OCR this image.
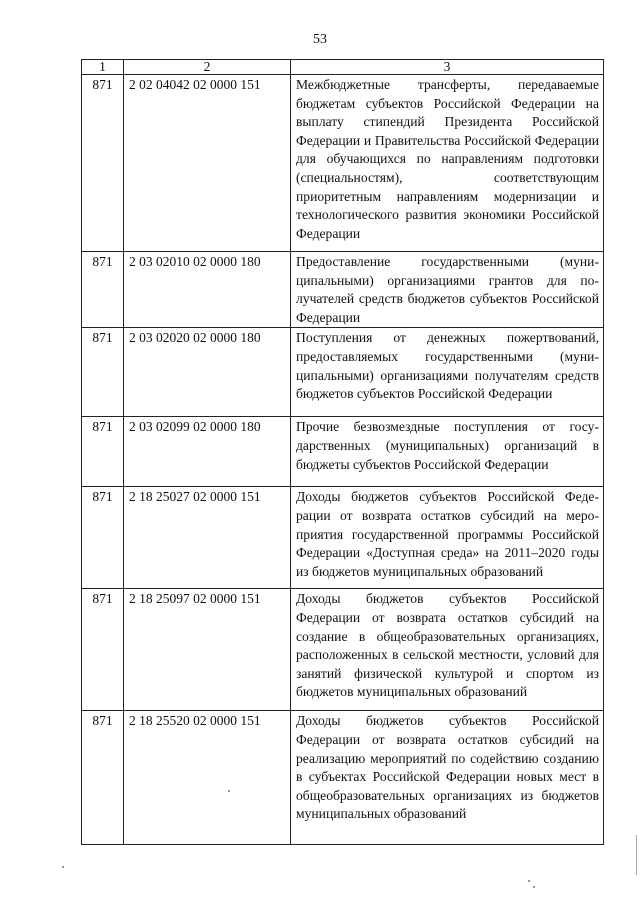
53
1	2	3
871	2 02 04042 02 0000 151	Межбюджетные трансферты, передаваемые бюджетам субъектов Российской Федерации на выплату стипендий Президента Российской Федерации и Правительства Российской Федерации для обучающихся по направлениям подготовки (специальностям), соответствующим приоритетным направлениям модернизации и технологического развития экономики Российской Федерации
871	2 03 02010 02 0000 180	Предоставление государственными (муниципальными) организациями грантов для получателей средств бюджетов субъектов Российской Федерации
871	2 03 02020 02 0000 180	Поступления от денежных пожертвований, предоставляемых государственными (муниципальными) организациями получателям средств бюджетов субъектов Российской Федерации
871	2 03 02099 02 0000 180	Прочие безвозмездные поступления от государственных (муниципальных) организаций в бюджеты субъектов Российской Федерации
871	2 18 25027 02 0000 151	Доходы бюджетов субъектов Российской Федерации от возврата остатков субсидий на мероприятия государственной программы Российской Федерации «Доступная среда» на 2011–2020 годы из бюджетов муниципальных образований
871	2 18 25097 02 0000 151	Доходы бюджетов субъектов Российской Федерации от возврата остатков субсидий на создание в общеобразовательных организациях, расположенных в сельской местности, условий для занятий физической культурой и спортом из бюджетов муниципальных образований
871	2 18 25520 02 0000 151	Доходы бюджетов субъектов Российской Федерации от возврата остатков субсидий на реализацию мероприятий по содействию созданию в субъектах Российской Федерации новых мест в общеобразовательных организациях из бюджетов муниципальных образований
